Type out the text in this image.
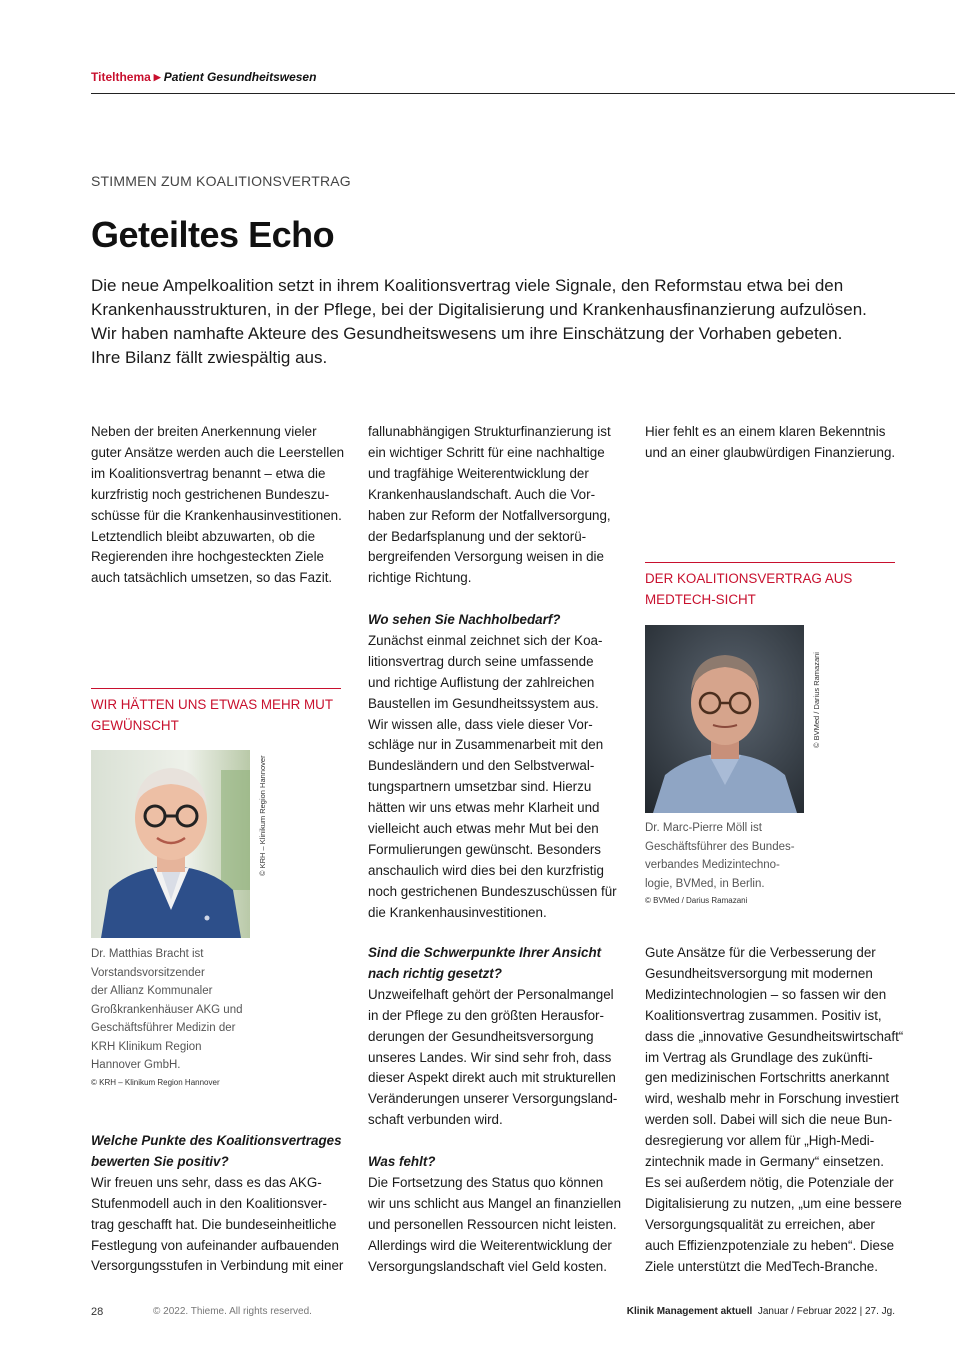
Titelthema ▶ Patient Gesundheitswesen
STIMMEN ZUM KOALITIONSVERTRAG
Geteiltes Echo

Die neue Ampelkoalition setzt in ihrem Koalitionsvertrag viele Signale, den Reformstau etwa bei den

Krankenhausstrukturen, in der Pflege, bei der Digitalisierung und Krankenhausfinanzierung aufzulösen.

Wir haben namhafte Akteure des Gesundheitswesens um ihre Einschätzung der Vorhaben gebeten.

Ihre Bilanz fällt zwiespältig aus.

Neben der breiten Anerkennung vieler

guter Ansätze werden auch die Leerstellen

im Koalitionsvertrag benannt – etwa die

kurzfristig noch gestrichenen Bundeszu-

schüsse für die Krankenhausinvestitionen.

Letztendlich bleibt abzuwarten, ob die

Regierenden ihre hochgesteckten Ziele

auch tatsächlich umsetzen, so das Fazit.

WIR HÄTTEN UNS ETWAS MEHR MUT

GEWÜNSCHT

© KRH – Klinikum Region Hannover

Dr. Matthias Bracht ist

Vorstandsvorsitzender

der Allianz Kommunaler

Großkrankenhäuser AKG und

Geschäftsführer Medizin der

KRH Klinikum Region

Hannover GmbH.

© KRH – Klinikum Region Hannover

Welche Punkte des Koalitionsvertrages

bewerten Sie positiv?

Wir freuen uns sehr, dass es das AKG-

Stufenmodell auch in den Koalitionsver-

trag geschafft hat. Die bundeseinheitliche

Festlegung von aufeinander aufbauenden

Versorgungsstufen in Verbindung mit einer

fallunabhängigen Strukturfinanzierung ist

ein wichtiger Schritt für eine nachhaltige

und tragfähige Weiterentwicklung der

Krankenhauslandschaft. Auch die Vor-

haben zur Reform der Notfallversorgung,

der Bedarfsplanung und der sektorü-

bergreifenden Versorgung weisen in die

richtige Richtung.

Wo sehen Sie Nachholbedarf?

Zunächst einmal zeichnet sich der Koa-

litionsvertrag durch seine umfassende

und richtige Auflistung der zahlreichen

Baustellen im Gesundheitssystem aus.

Wir wissen alle, dass viele dieser Vor-

schläge nur in Zusammenarbeit mit den

Bundesländern und den Selbstverwal-

tungspartnern umsetzbar sind. Hierzu

hätten wir uns etwas mehr Klarheit und

vielleicht auch etwas mehr Mut bei den

Formulierungen gewünscht. Besonders

anschaulich wird dies bei den kurzfristig

noch gestrichenen Bundeszuschüssen für

die Krankenhausinvestitionen.

Sind die Schwerpunkte Ihrer Ansicht

nach richtig gesetzt?

Unzweifelhaft gehört der Personalmangel

in der Pflege zu den größten Herausfor-

derungen der Gesundheitsversorgung

unseres Landes. Wir sind sehr froh, dass

dieser Aspekt direkt auch mit strukturellen

Veränderungen unserer Versorgungsland-

schaft verbunden wird.

Was fehlt?

Die Fortsetzung des Status quo können

wir uns schlicht aus Mangel an finanziellen

und personellen Ressourcen nicht leisten.

Allerdings wird die Weiterentwicklung der

Versorgungslandschaft viel Geld kosten.

Hier fehlt es an einem klaren Bekenntnis

und an einer glaubwürdigen Finanzierung.

DER KOALITIONSVERTRAG AUS

MEDTECH-SICHT

© BVMed / Darius Ramazani

Dr. Marc-Pierre Möll ist

Geschäftsführer des Bundes-

verbandes Medizintechno-

logie, BVMed, in Berlin.

© BVMed / Darius Ramazani

Gute Ansätze für die Verbesserung der

Gesundheitsversorgung mit modernen

Medizintechnologien – so fassen wir den

Koalitionsvertrag zusammen. Positiv ist,

dass die „innovative Gesundheitswirtschaft“

im Vertrag als Grundlage des zukünfti-

gen medizinischen Fortschritts anerkannt

wird, weshalb mehr in Forschung investiert

werden soll. Dabei will sich die neue Bun-

desregierung vor allem für „High-Medi-

zintechnik made in Germany“ einsetzen.

Es sei außerdem nötig, die Potenziale der

Digitalisierung zu nutzen, „um eine bessere

Versorgungsqualität zu erreichen, aber

auch Effizienzpotenziale zu heben“. Diese

Ziele unterstützt die MedTech-Branche.

28	© 2022. Thieme. All rights reserved.	Klinik Management aktuell Januar / Februar 2022 | 27. Jg.
